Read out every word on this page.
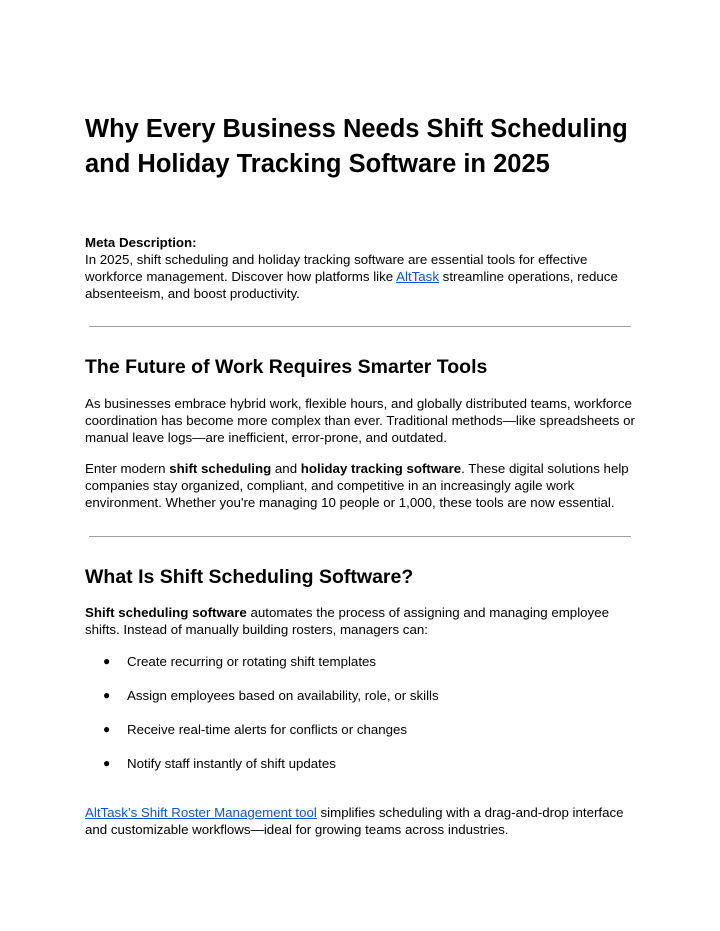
Why Every Business Needs Shift Scheduling and Holiday Tracking Software in 2025
Meta Description:

In 2025, shift scheduling and holiday tracking software are essential tools for effective workforce management. Discover how platforms like AltTask streamline operations, reduce absenteeism, and boost productivity.

The Future of Work Requires Smarter Tools

As businesses embrace hybrid work, flexible hours, and globally distributed teams, workforce coordination has become more complex than ever. Traditional methods—like spreadsheets or manual leave logs—are inefficient, error-prone, and outdated.

Enter modern shift scheduling and holiday tracking software. These digital solutions help companies stay organized, compliant, and competitive in an increasingly agile work environment. Whether you're managing 10 people or 1,000, these tools are now essential.

What Is Shift Scheduling Software?

Shift scheduling software automates the process of assigning and managing employee shifts. Instead of manually building rosters, managers can:

●	Create recurring or rotating shift templates
●	Assign employees based on availability, role, or skills
●	Receive real-time alerts for conflicts or changes
●	Notify staff instantly of shift updates

AltTask’s Shift Roster Management tool simplifies scheduling with a drag-and-drop interface and customizable workflows—ideal for growing teams across industries.
